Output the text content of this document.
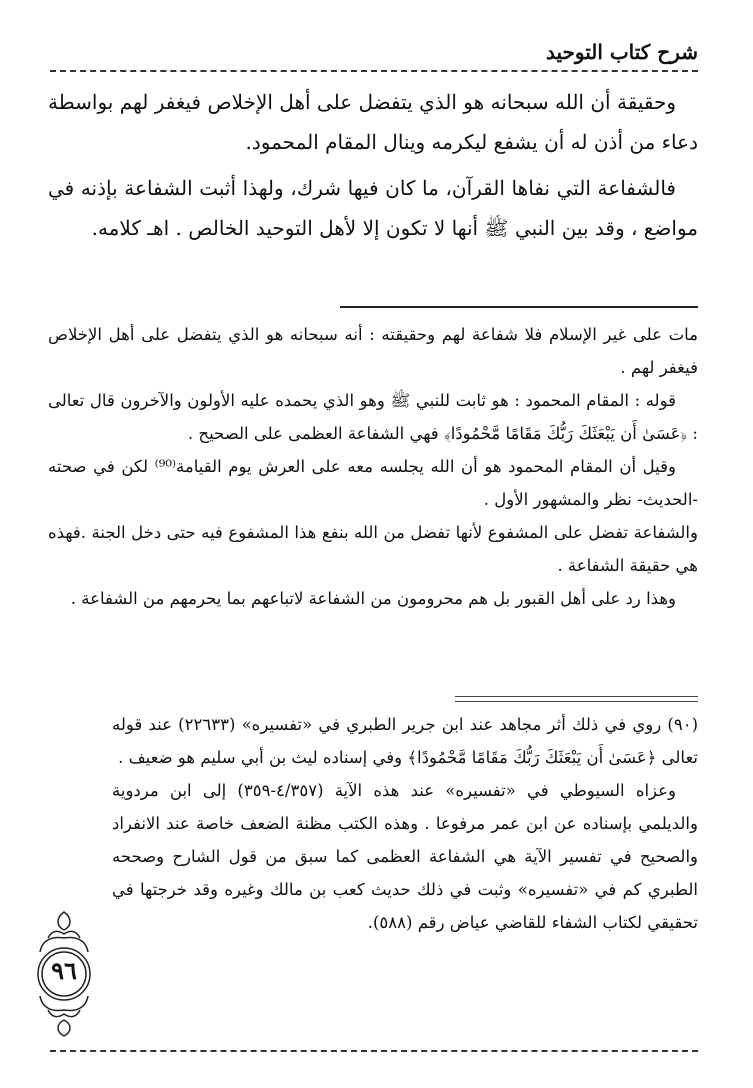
شرح كتاب التوحيد

وحقيقة أن الله سبحانه هو الذي يتفضل على أهل الإخلاص فيغفر لهم بواسطة دعاء من أذن له أن يشفع ليكرمه وينال المقام المحمود.

فالشفاعة التي نفاها القرآن، ما كان فيها شرك، ولهذا أثبت الشفاعة بإذنه في مواضع ، وقد بين النبي ﷺ أنها لا تكون إلا لأهل التوحيد الخالص . اهـ كلامه.

مات على غير الإسلام فلا شفاعة لهم وحقيقته : أنه سبحانه هو الذي يتفضل على أهل الإخلاص فيغفر لهم .

قوله : المقام المحمود : هو ثابت للنبي ﷺ وهو الذي يحمده عليه الأولون والآخرون قال تعالى : ﴿عَسَىٰ أَن يَبْعَثَكَ رَبُّكَ مَقَامًا مَّحْمُودًا﴾ فهي الشفاعة العظمى على الصحيح .

وقيل أن المقام المحمود هو أن الله يجلسه معه على العرش يوم القيامة⁽⁹⁰⁾ لكن في صحته -الحديث- نظر والمشهور الأول .

والشفاعة تفضل على المشفوع لأنها تفضل من الله بنفع هذا المشفوع فيه حتى دخل الجنة .فهذه هي حقيقة الشفاعة .

وهذا رد على أهل القبور بل هم محرومون من الشفاعة لاتباعهم بما يحرمهم من الشفاعة .

(٩٠) روي في ذلك أثر مجاهد عند ابن جرير الطبري في «تفسيره» (٢٢٦٣٣) عند قوله تعالى ﴿عَسَىٰ أَن يَبْعَثَكَ رَبُّكَ مَقَامًا مَّحْمُودًا﴾ وفي إسناده ليث بن أبي سليم هو ضعيف .

وعزاه السيوطي في «تفسيره» عند هذه الآية (٤/٣٥٧-٣٥٩) إلى ابن مردوية والديلمي بإسناده عن ابن عمر مرفوعا . وهذه الكتب مظنة الضعف خاصة عند الانفراد والصحيح في تفسير الآية هي الشفاعة العظمى كما سبق من قول الشارح وصححه الطبري كم في «تفسيره» وثبت في ذلك حديث كعب بن مالك وغيره وقد خرجتها في تحقيقي لكتاب الشفاء للقاضي عياض رقم (٥٨٨).

٩٦
